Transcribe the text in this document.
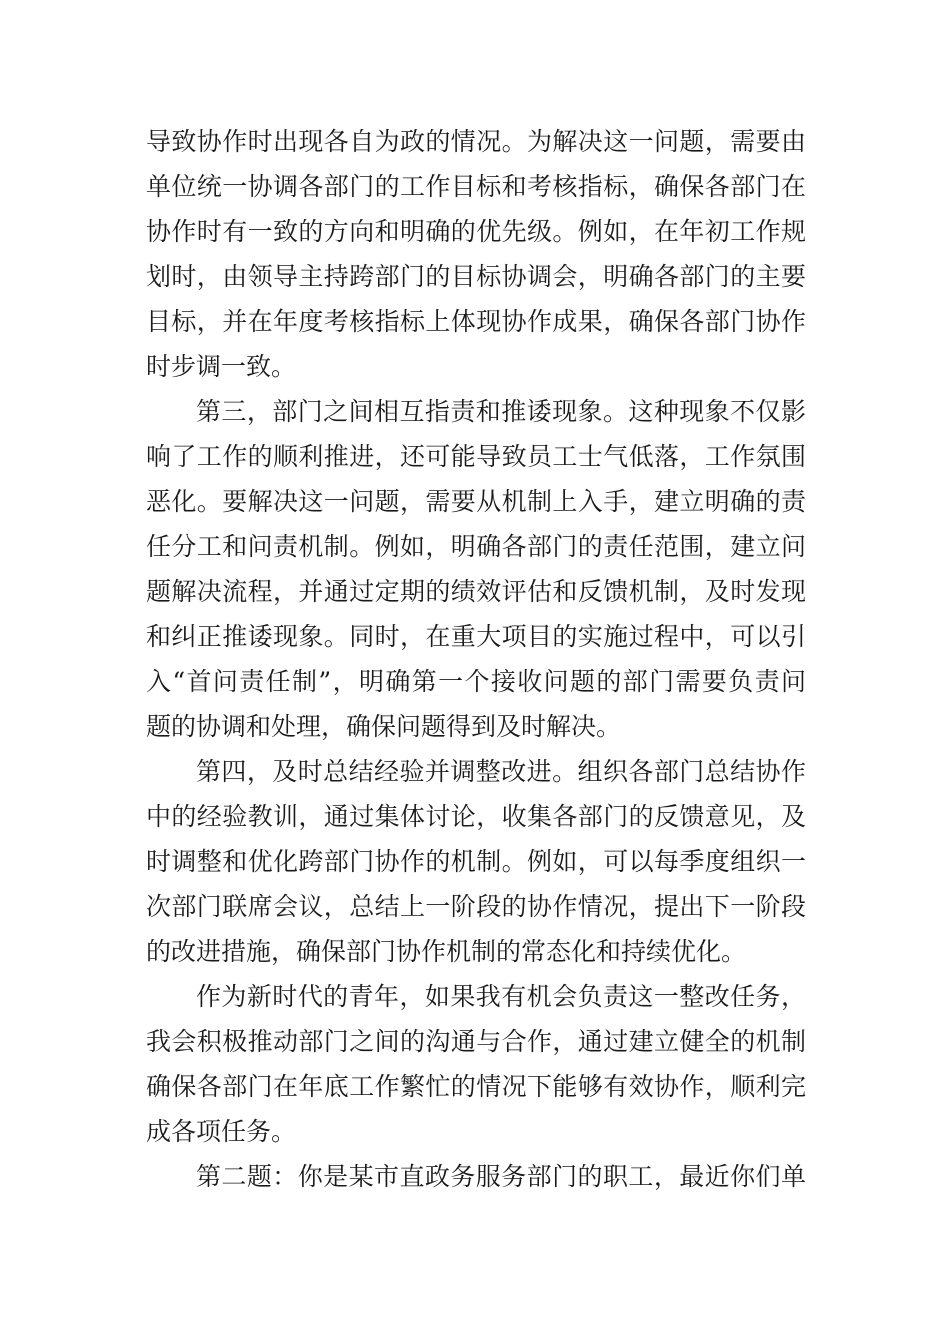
导致协作时出现各自为政的情况。为解决这一问题，需要由
单位统一协调各部门的工作目标和考核指标，确保各部门在
协作时有一致的方向和明确的优先级。例如，在年初工作规
划时，由领导主持跨部门的目标协调会，明确各部门的主要
目标，并在年度考核指标上体现协作成果，确保各部门协作
时步调一致。
第三，部门之间相互指责和推诿现象。这种现象不仅影
响了工作的顺利推进，还可能导致员工士气低落，工作氛围
恶化。要解决这一问题，需要从机制上入手，建立明确的责
任分工和问责机制。例如，明确各部门的责任范围，建立问
题解决流程，并通过定期的绩效评估和反馈机制，及时发现
和纠正推诿现象。同时，在重大项目的实施过程中，可以引
入“首问责任制”，明确第一个接收问题的部门需要负责问
题的协调和处理，确保问题得到及时解决。
第四，及时总结经验并调整改进。组织各部门总结协作
中的经验教训，通过集体讨论，收集各部门的反馈意见，及
时调整和优化跨部门协作的机制。例如，可以每季度组织一
次部门联席会议，总结上一阶段的协作情况，提出下一阶段
的改进措施，确保部门协作机制的常态化和持续优化。
作为新时代的青年，如果我有机会负责这一整改任务，
我会积极推动部门之间的沟通与合作，通过建立健全的机制
确保各部门在年底工作繁忙的情况下能够有效协作，顺利完
成各项任务。
第二题：你是某市直政务服务部门的职工，最近你们单
